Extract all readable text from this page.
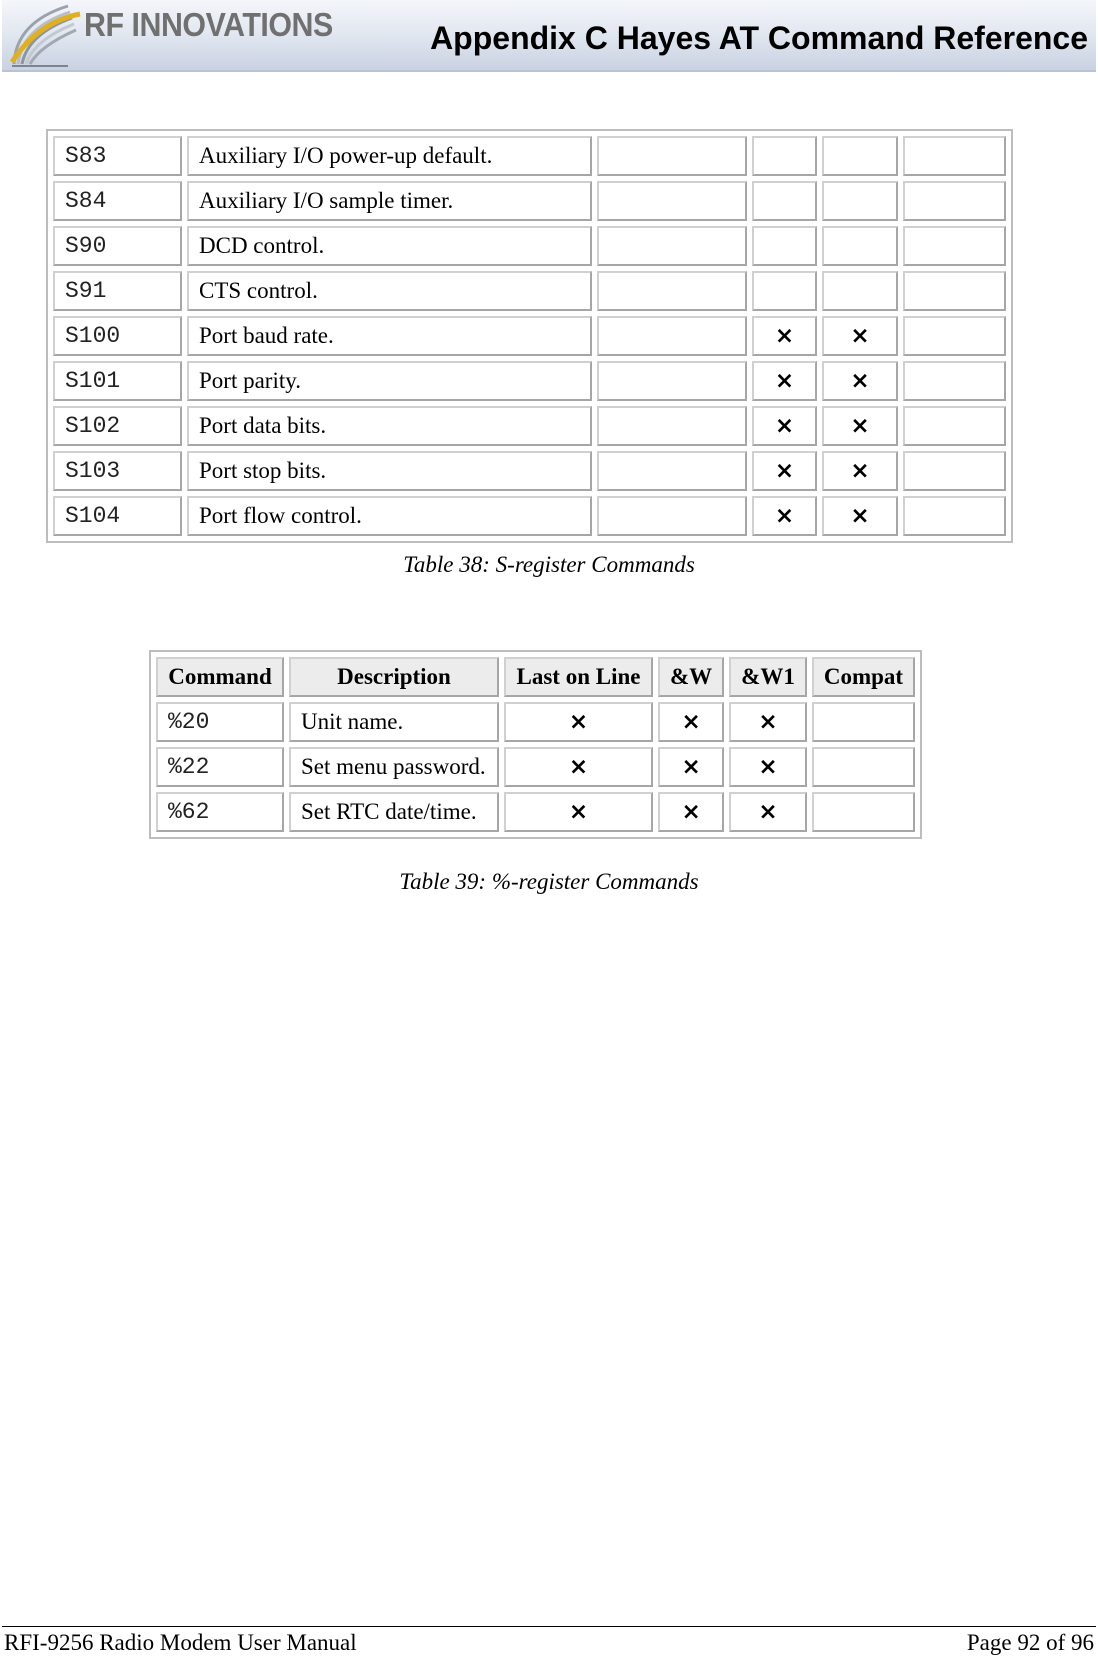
RF INNOVATIONS	Appendix C Hayes AT Command Reference
S83	Auxiliary I/O power-up default.				
S84	Auxiliary I/O sample timer.				
S90	DCD control.				
S91	CTS control.				
S100	Port baud rate.		×	×	
S101	Port parity.		×	×	
S102	Port data bits.		×	×	
S103	Port stop bits.		×	×	
S104	Port flow control.		×	×	
Table 38: S-register Commands
Command	Description	Last on Line	&W	&W1	Compat
%20	Unit name.	×	×	×	
%22	Set menu password.	×	×	×	
%62	Set RTC date/time.	×	×	×	
Table 39: %-register Commands
RFI-9256 Radio Modem User Manual	Page 92 of 96
